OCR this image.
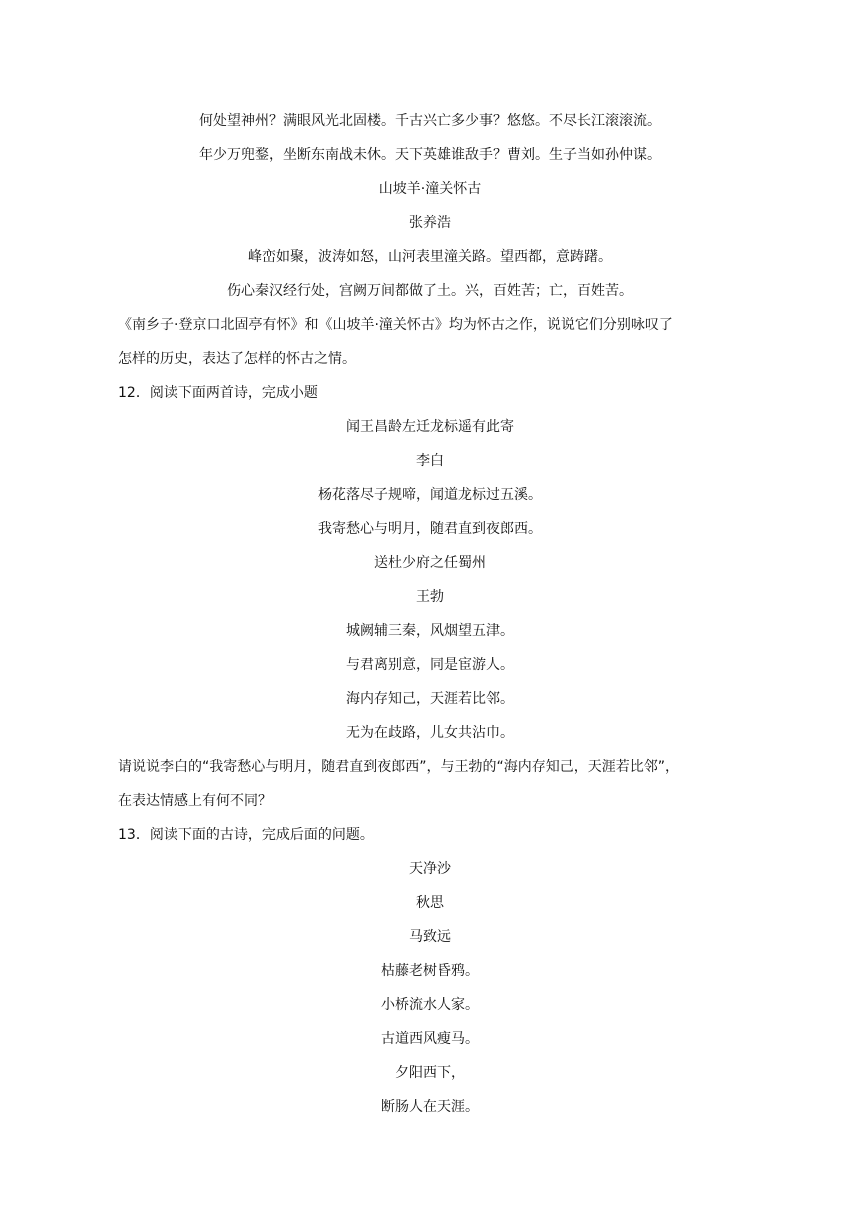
何处望神州？满眼风光北固楼。千古兴亡多少事？悠悠。不尽长江滚滚流。
年少万兜鍪，坐断东南战未休。天下英雄谁敌手？曹刘。生子当如孙仲谋。
山坡羊·潼关怀古
张养浩
峰峦如聚，波涛如怒，山河表里潼关路。望西都，意踌躇。
伤心秦汉经行处，宫阙万间都做了土。兴，百姓苦；亡，百姓苦。
《南乡子·登京口北固亭有怀》和《山坡羊·潼关怀古》均为怀古之作，说说它们分别咏叹了
怎样的历史，表达了怎样的怀古之情。
12．阅读下面两首诗，完成小题
闻王昌龄左迁龙标遥有此寄
李白
杨花落尽子规啼，闻道龙标过五溪。
我寄愁心与明月，随君直到夜郎西。
送杜少府之任蜀州
王勃
城阙辅三秦，风烟望五津。
与君离别意，同是宦游人。
海内存知己，天涯若比邻。
无为在歧路，儿女共沾巾。
请说说李白的“我寄愁心与明月，随君直到夜郎西”，与王勃的“海内存知己，天涯若比邻”，
在表达情感上有何不同？
13．阅读下面的古诗，完成后面的问题。
天净沙
秋思
马致远
枯藤老树昏鸦。
小桥流水人家。
古道西风瘦马。
夕阳西下，
断肠人在天涯。
